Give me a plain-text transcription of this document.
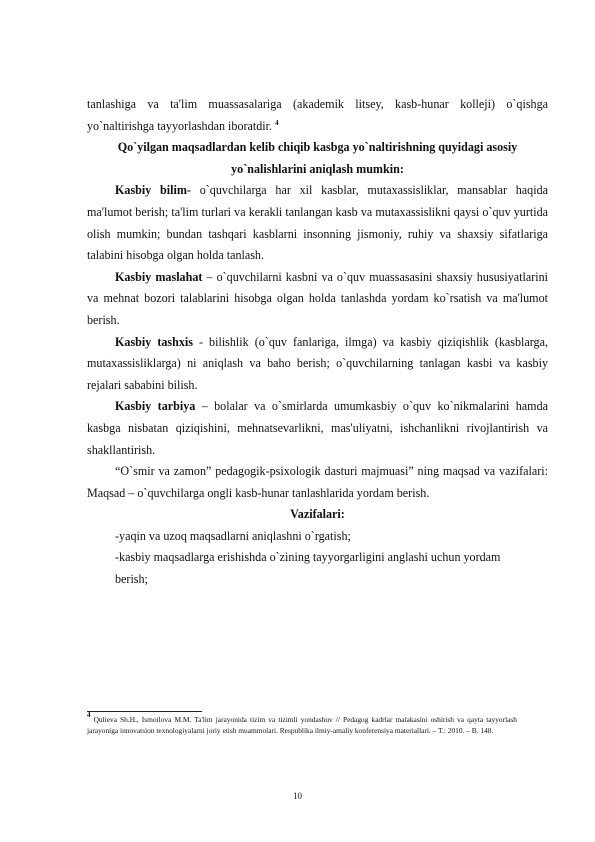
tanlashiga va ta'lim muassasalariga (akademik litsey, kasb-hunar kolleji) o`qishga yo`naltirishga tayyorlashdan iboratdir. $^4$

Qo`yilgan maqsadlardan kelib chiqib kasbga yo`naltirishning quyidagi asosiy yo`nalishlarini aniqlash mumkin:

Kasbiy bilim- o`quvchilarga har xil kasblar, mutaxassisliklar, mansablar haqida ma'lumot berish; ta'lim turlari va kerakli tanlangan kasb va mutaxassislikni qaysi o`quv yurtida olish mumkin; bundan tashqari kasblarni insonning jismoniy, ruhiy va shaxsiy sifatlariga talabini hisobga olgan holda tanlash.

Kasbiy maslahat – o`quvchilarni kasbni va o`quv muassasasini shaxsiy hususiyatlarini va mehnat bozori talablarini hisobga olgan holda tanlashda yordam ko`rsatish va ma'lumot berish.

Kasbiy tashxis - bilishlik (o`quv fanlariga, ilmga) va kasbiy qiziqishlik (kasblarga, mutaxassisliklarga) ni aniqlash va baho berish; o`quvchilarning tanlagan kasbi va kasbiy rejalari sababini bilish.

Kasbiy tarbiya – bolalar va o`smirlarda umumkasbiy o`quv ko`nikmalarini hamda kasbga nisbatan qiziqishini, mehnatsevarlikni, mas'uliyatni, ishchanlikni rivojlantirish va shakllantirish.

“O`smir va zamon” pedagogik-psixologik dasturi majmuasi” ning maqsad va vazifalari: Maqsad – o`quvchilarga ongli kasb-hunar tanlashlarida yordam berish.

Vazifalari:

-yaqin va uzoq maqsadlarni aniqlashni o`rgatish;

-kasbiy maqsadlarga erishishda o`zining tayyorgarligini anglashi uchun yordam

berish;

$^4$ Qulieva Sh.H., Ismoilova M.M. Ta'lim jarayonida tizim va tizimli yondashuv // Pedagog kadrlar malakasini oshirish va qayta tayyorlash jarayoniga innovatsion texnologiyalarni joriy etish muammolari. Respublika ilmiy-amaliy konferensiya materiallari. – T.: 2010. – B. 148.
10
